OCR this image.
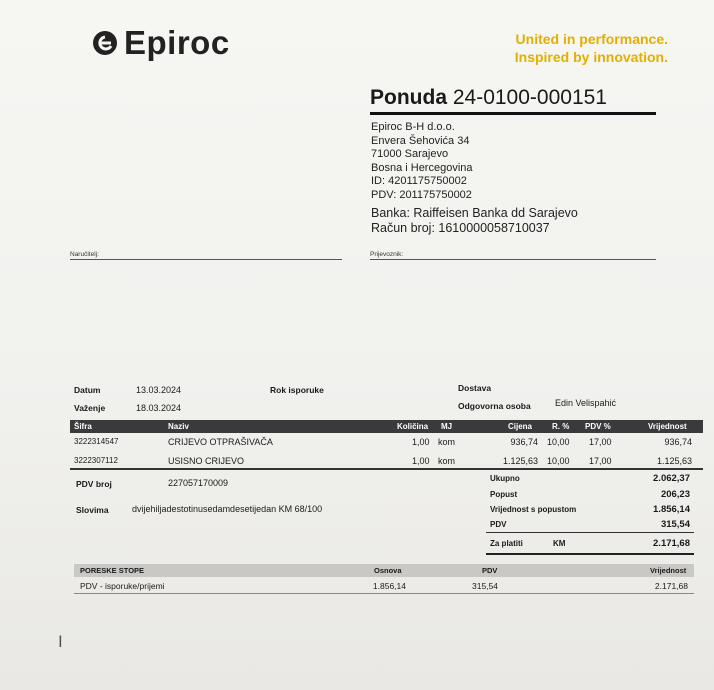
Epiroc	United in performance.
Inspired by innovation.
Ponuda 24-0100-000151
Epiroc B-H d.o.o.
Envera Šehovića 34
71000 Sarajevo
Bosna i Hercegovina
ID: 4201175750002
PDV: 201175750002
Banka: Raiffeisen Banka dd Sarajevo
Račun broj: 1610000058710037
Naručitelj:	Prijevoznik:
Datum	13.03.2024
Važenje	18.03.2024
Rok isporuke	Dostava
Odgovorna osoba	Edin Velispahić
Šifra	Naziv	Količina MJ	Cijena R. % PDV %	Vrijednost
3222314547	CRIJEVO OTPRAŠIVAČA	1,00 kom	936,74 10,00 17,00	936,74
3222307112	USISNO CRIJEVO	1,00 kom	1.125,63 10,00 17,00	1.125,63
PDV broj	227057170009
Slovima	dvijehiljadestotinusedamdesetijedan KM 68/100
Ukupno	2.062,37
Popust	206,23
Vrijednost s popustom	1.856,14
PDV	315,54
Za platiti	KM	2.171,68
PORESKE STOPE	Osnova	PDV	Vrijednost
PDV - isporuke/prijemi	1.856,14	315,54	2.171,68
I
